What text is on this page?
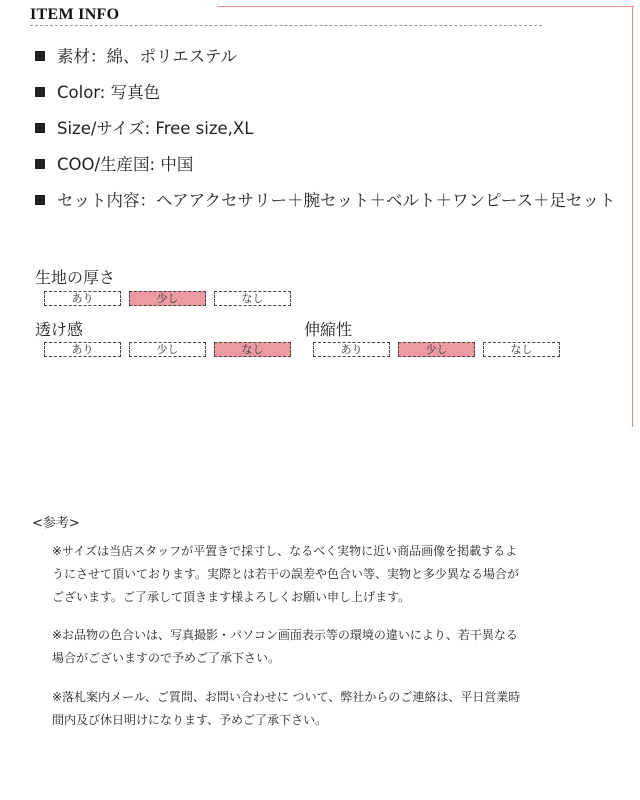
ITEM INFO
素材：綿、ポリエステル
Color: 写真色
Size/サイズ: Free size,XL
COO/生産国: 中国
セット内容：ヘアアクセサリー＋腕セット＋ベルト＋ワンピース＋足セット
生地の厚さ
あり	少し	なし
透け感
あり	少し	なし
伸縮性
あり	少し	なし
<参考>
※サイズは当店スタッフが平置きで採寸し、なるべく実物に近い商品画像を掲載するよ
うにさせて頂いております。実際とは若干の誤差や色合い等、実物と多少異なる場合が
ございます。ご了承して頂きます様よろしくお願い申し上げます。
※お品物の色合いは、写真撮影・パソコン画面表示等の環境の違いにより、若干異なる
場合がございますので予めご了承下さい。
※落札案内メール、ご質問、お問い合わせに ついて、弊社からのご連絡は、平日営業時
間内及び休日明けになります、予めご了承下さい。
